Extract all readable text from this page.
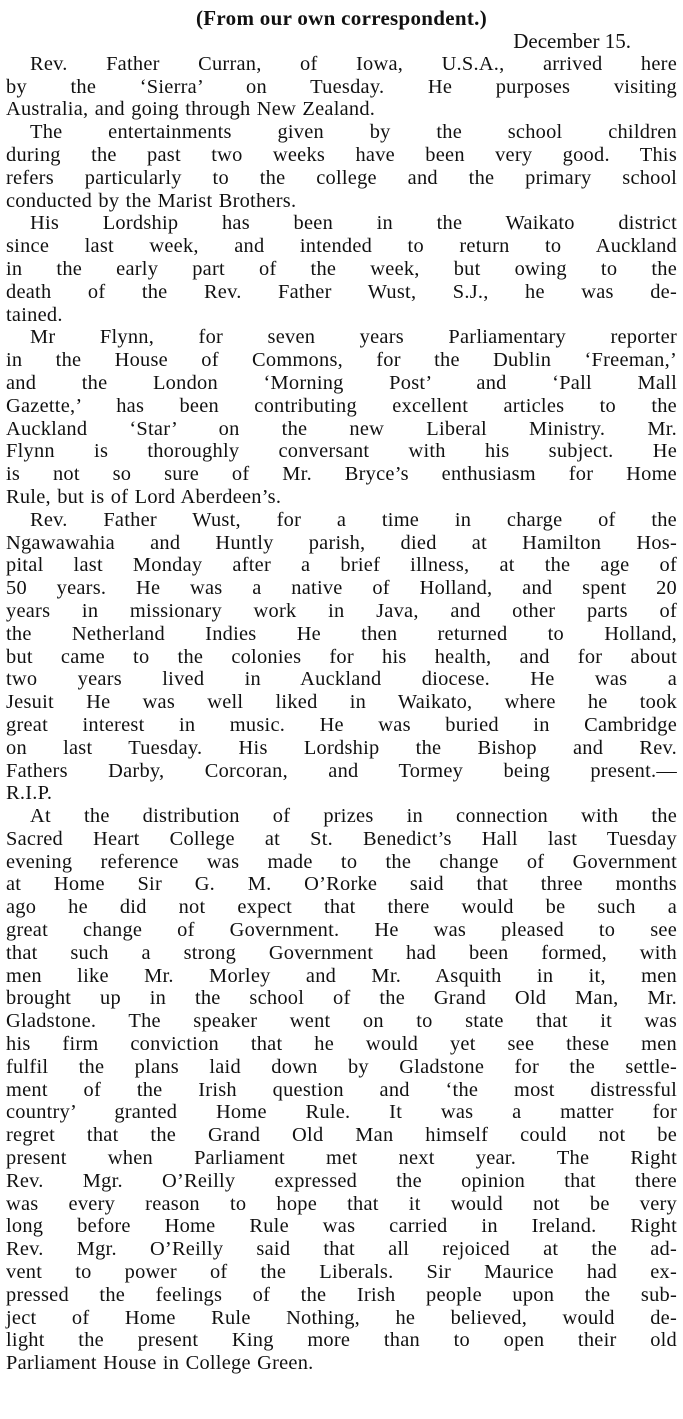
(From our own correspondent.)
December 15.
Rev. Father Curran, of Iowa, U.S.A., arrived here
by the ‘Sierra’ on Tuesday. He purposes visiting
Australia, and going through New Zealand.
The entertainments given by the school children
during the past two weeks have been very good. This
refers particularly to the college and the primary school
conducted by the Marist Brothers.
His Lordship has been in the Waikato district
since last week, and intended to return to Auckland
in the early part of the week, but owing to the
death of the Rev. Father Wust, S.J., he was de-
tained.
Mr Flynn, for seven years Parliamentary reporter
in the House of Commons, for the Dublin ‘Freeman,’
and the London ‘Morning Post’ and ‘Pall Mall
Gazette,’ has been contributing excellent articles to the
Auckland ‘Star’ on the new Liberal Ministry. Mr.
Flynn is thoroughly conversant with his subject. He
is not so sure of Mr. Bryce’s enthusiasm for Home
Rule, but is of Lord Aberdeen’s.
Rev. Father Wust, for a time in charge of the
Ngawawahia and Huntly parish, died at Hamilton Hos-
pital last Monday after a brief illness, at the age of
50 years. He was a native of Holland, and spent 20
years in missionary work in Java, and other parts of
the Netherland Indies He then returned to Holland,
but came to the colonies for his health, and for about
two years lived in Auckland diocese. He was a
Jesuit He was well liked in Waikato, where he took
great interest in music. He was buried in Cambridge
on last Tuesday. His Lordship the Bishop and Rev.
Fathers Darby, Corcoran, and Tormey being present.—
R.I.P.
At the distribution of prizes in connection with the
Sacred Heart College at St. Benedict’s Hall last Tuesday
evening reference was made to the change of Government
at Home Sir G. M. O’Rorke said that three months
ago he did not expect that there would be such a
great change of Government. He was pleased to see
that such a strong Government had been formed, with
men like Mr. Morley and Mr. Asquith in it, men
brought up in the school of the Grand Old Man, Mr.
Gladstone. The speaker went on to state that it was
his firm conviction that he would yet see these men
fulfil the plans laid down by Gladstone for the settle-
ment of the Irish question and ‘the most distressful
country’ granted Home Rule. It was a matter for
regret that the Grand Old Man himself could not be
present when Parliament met next year. The Right
Rev. Mgr. O’Reilly expressed the opinion that there
was every reason to hope that it would not be very
long before Home Rule was carried in Ireland. Right
Rev. Mgr. O’Reilly said that all rejoiced at the ad-
vent to power of the Liberals. Sir Maurice had ex-
pressed the feelings of the Irish people upon the sub-
ject of Home Rule Nothing, he believed, would de-
light the present King more than to open their old
Parliament House in College Green.
